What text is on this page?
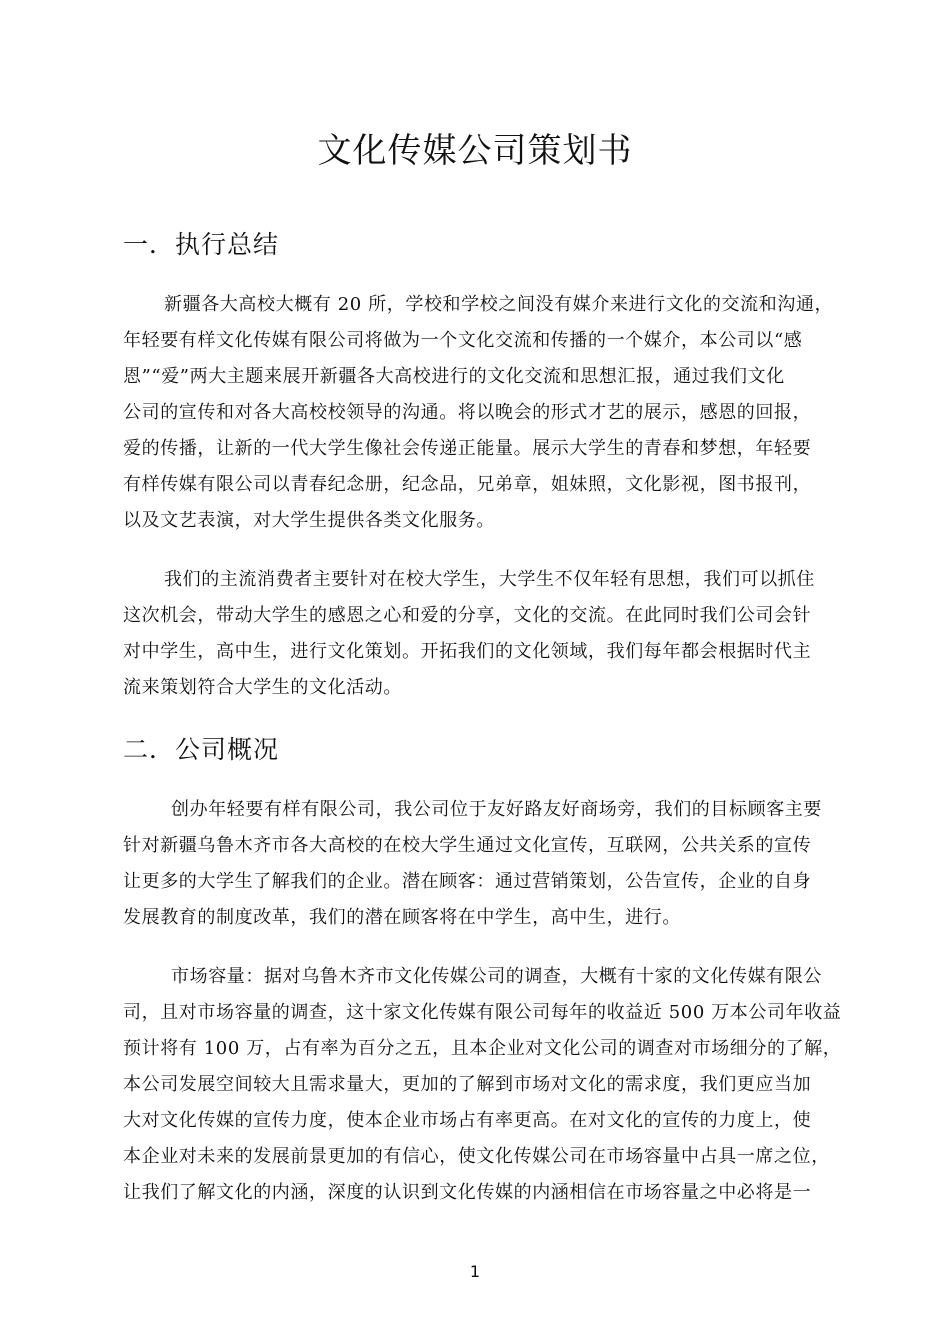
文化传媒公司策划书
一．执行总结
新疆各大高校大概有 20 所，学校和学校之间没有媒介来进行文化的交流和沟通，
年轻要有样文化传媒有限公司将做为一个文化交流和传播的一个媒介，本公司以“感
恩”“爱”两大主题来展开新疆各大高校进行的文化交流和思想汇报，通过我们文化
公司的宣传和对各大高校校领导的沟通。将以晚会的形式才艺的展示，感恩的回报，
爱的传播，让新的一代大学生像社会传递正能量。展示大学生的青春和梦想，年轻要
有样传媒有限公司以青春纪念册，纪念品，兄弟章，姐妹照，文化影视，图书报刊，
以及文艺表演，对大学生提供各类文化服务。
我们的主流消费者主要针对在校大学生，大学生不仅年轻有思想，我们可以抓住
这次机会，带动大学生的感恩之心和爱的分享，文化的交流。在此同时我们公司会针
对中学生，高中生，进行文化策划。开拓我们的文化领域，我们每年都会根据时代主
流来策划符合大学生的文化活动。
二．公司概况
创办年轻要有样有限公司，我公司位于友好路友好商场旁，我们的目标顾客主要
针对新疆乌鲁木齐市各大高校的在校大学生通过文化宣传，互联网，公共关系的宣传
让更多的大学生了解我们的企业。潜在顾客：通过营销策划，公告宣传，企业的自身
发展教育的制度改革，我们的潜在顾客将在中学生，高中生，进行。
市场容量：据对乌鲁木齐市文化传媒公司的调查，大概有十家的文化传媒有限公
司，且对市场容量的调查，这十家文化传媒有限公司每年的收益近 500 万本公司年收益
预计将有 100 万，占有率为百分之五，且本企业对文化公司的调查对市场细分的了解，
本公司发展空间较大且需求量大，更加的了解到市场对文化的需求度，我们更应当加
大对文化传媒的宣传力度，使本企业市场占有率更高。在对文化的宣传的力度上，使
本企业对未来的发展前景更加的有信心，使文化传媒公司在市场容量中占具一席之位，
让我们了解文化的内涵，深度的认识到文化传媒的内涵相信在市场容量之中必将是一
1
